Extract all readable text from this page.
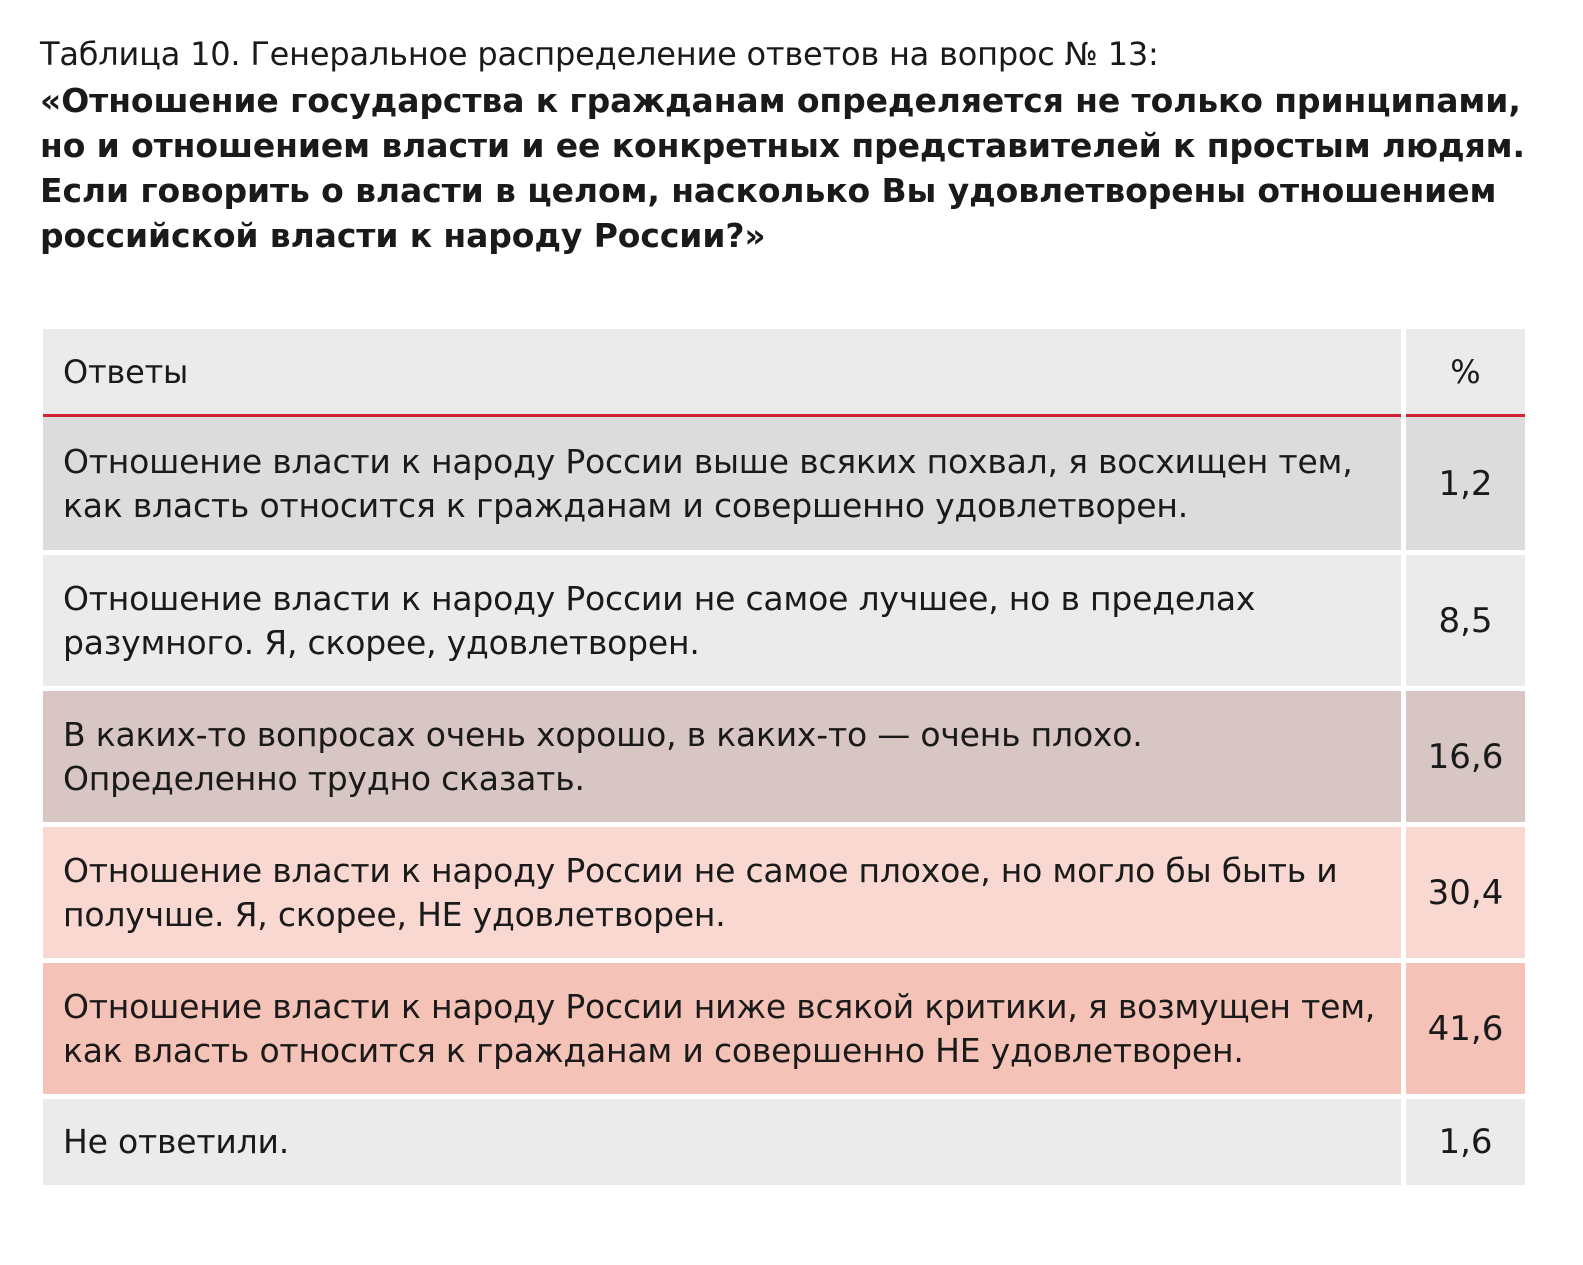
Таблица 10. Генеральное распределение ответов на вопрос № 13:
«Отношение государства к гражданам определяется не только принципами, но и отношением власти и ее конкретных представителей к простым людям. Если говорить о власти в целом, насколько Вы удовлетворены отношением российской власти к народу России?»
Ответы	%
Отношение власти к народу России выше всяких похвал, я восхищен тем, как власть относится к гражданам и совершенно удовлетворен.
1,2
Отношение власти к народу России не самое лучшее, но в пределах разумного. Я, скорее, удовлетворен.
8,5
В каких-то вопросах очень хорошо, в каких-то — очень плохо. Определенно трудно сказать.
16,6
Отношение власти к народу России не самое плохое, но могло бы быть и получше. Я, скорее, НЕ удовлетворен.
30,4
Отношение власти к народу России ниже всякой критики, я возмущен тем, как власть относится к гражданам и совершенно НЕ удовлетворен.
41,6
Не ответили.	1,6
